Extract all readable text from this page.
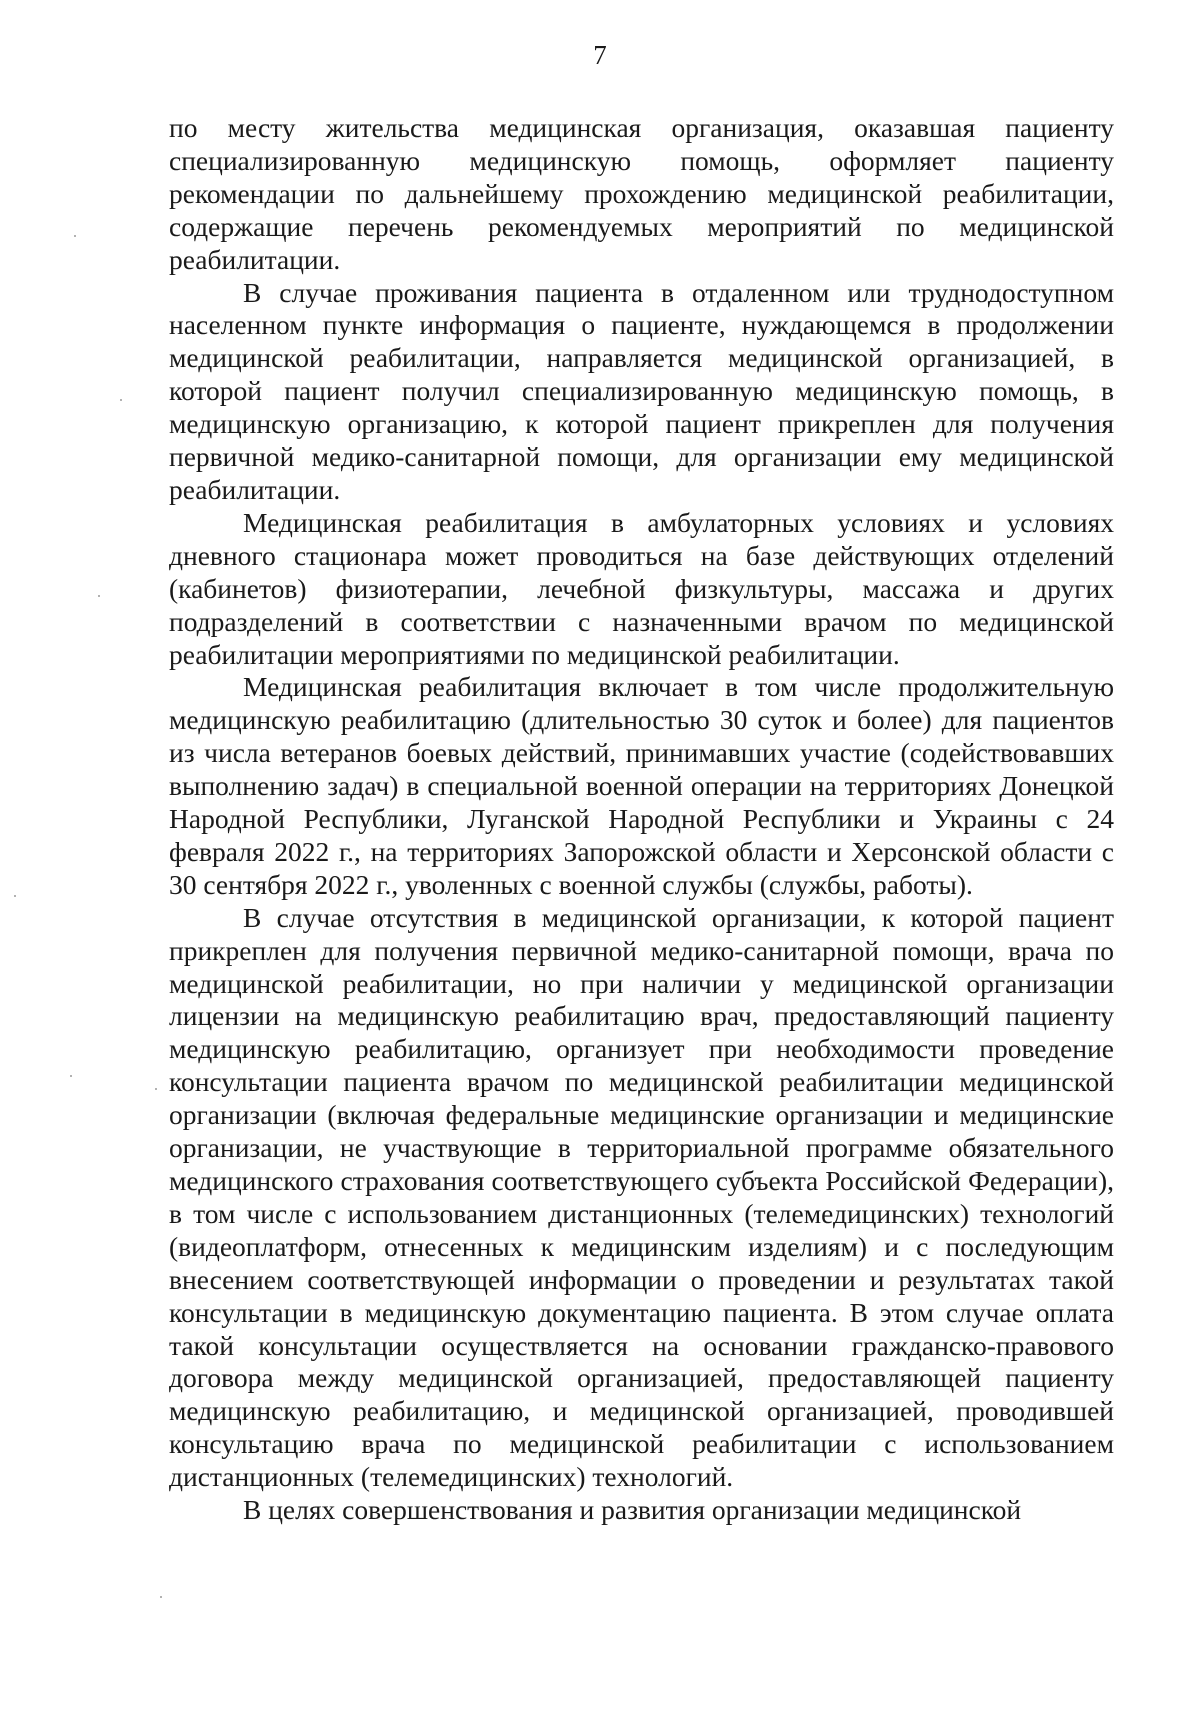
7

по месту жительства медицинская организация, оказавшая пациенту специализированную медицинскую помощь, оформляет пациенту рекомендации по дальнейшему прохождению медицинской реабилитации, содержащие перечень рекомендуемых мероприятий по медицинской реабилитации.

В случае проживания пациента в отдаленном или труднодоступном населенном пункте информация о пациенте, нуждающемся в продолжении медицинской реабилитации, направляется медицинской организацией, в которой пациент получил специализированную медицинскую помощь, в медицинскую организацию, к которой пациент прикреплен для получения первичной медико-санитарной помощи, для организации ему медицинской реабилитации.

Медицинская реабилитация в амбулаторных условиях и условиях дневного стационара может проводиться на базе действующих отделений (кабинетов) физиотерапии, лечебной физкультуры, массажа и других подразделений в соответствии с назначенными врачом по медицинской реабилитации мероприятиями по медицинской реабилитации.

Медицинская реабилитация включает в том числе продолжительную медицинскую реабилитацию (длительностью 30 суток и более) для пациентов из числа ветеранов боевых действий, принимавших участие (содействовавших выполнению задач) в специальной военной операции на территориях Донецкой Народной Республики, Луганской Народной Республики и Украины с 24 февраля 2022 г., на территориях Запорожской области и Херсонской области с 30 сентября 2022 г., уволенных с военной службы (службы, работы).

В случае отсутствия в медицинской организации, к которой пациент прикреплен для получения первичной медико-санитарной помощи, врача по медицинской реабилитации, но при наличии у медицинской организации лицензии на медицинскую реабилитацию врач, предоставляющий пациенту медицинскую реабилитацию, организует при необходимости проведение консультации пациента врачом по медицинской реабилитации медицинской организации (включая федеральные медицинские организации и медицинские организации, не участвующие в территориальной программе обязательного медицинского страхования соответствующего субъекта Российской Федерации), в том числе с использованием дистанционных (телемедицинских) технологий (видеоплатформ, отнесенных к медицинским изделиям) и с последующим внесением соответствующей информации о проведении и результатах такой консультации в медицинскую документацию пациента. В этом случае оплата такой консультации осуществляется на основании гражданско-правового договора между медицинской организацией, предоставляющей пациенту медицинскую реабилитацию, и медицинской организацией, проводившей консультацию врача по медицинской реабилитации с использованием дистанционных (телемедицинских) технологий.

В целях совершенствования и развития организации медицинской
